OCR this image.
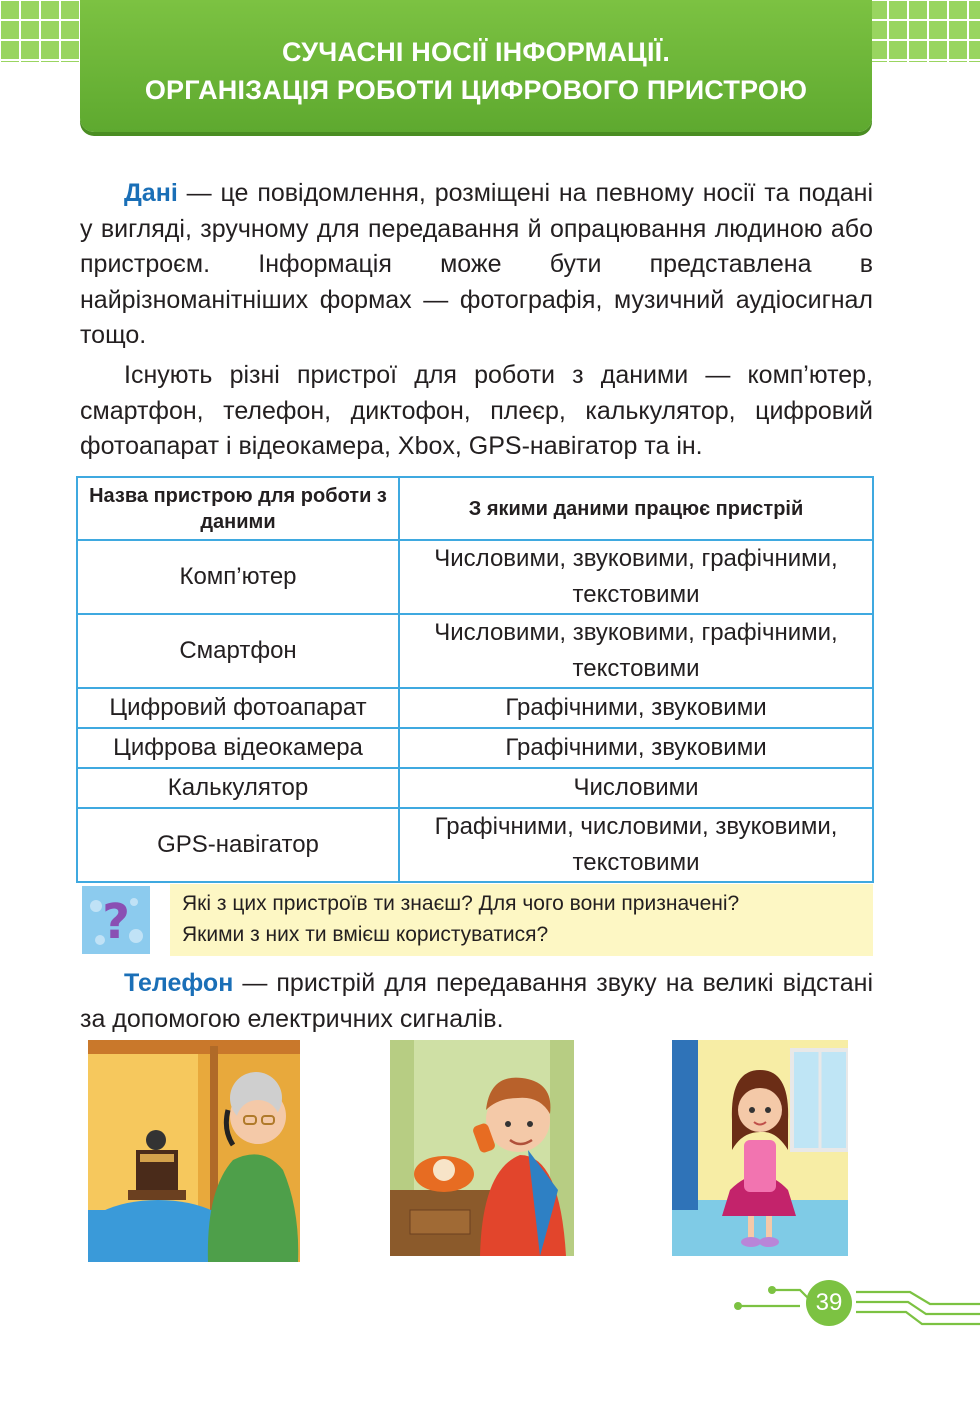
СУЧАСНІ НОСІЇ ІНФОРМАЦІЇ.
ОРГАНІЗАЦІЯ РОБОТИ ЦИФРОВОГО ПРИСТРОЮ
Дані — це повідомлення, розміщені на певному носії та подані у вигляді, зручному для передавання й опрацювання людиною або пристроєм. Інформація може бути представлена в найрізноманітніших формах — фотографія, музичний аудіосигнал тощо.
Існують різні пристрої для роботи з даними — комп’ютер, смартфон, телефон, диктофон, плеєр, калькулятор, цифровий фотоапарат і відеокамера, Xbox, GPS-навігатор та ін.
Назва пристрою для роботи з даними	З якими даними працює пристрій
Комп’ютер	Числовими, звуковими, графічними, текстовими
Смартфон	Числовими, звуковими, графічними, текстовими
Цифровий фотоапарат	Графічними, звуковими
Цифрова відеокамера	Графічними, звуковими
Калькулятор	Числовими
GPS-навігатор	Графічними, числовими, звуковими, текстовими
? Які з цих пристроїв ти знаєш? Для чого вони призначені?
Якими з них ти вмієш користуватися?
Телефон — пристрій для передавання звуку на великі відстані за допомогою електричних сигналів.
39
